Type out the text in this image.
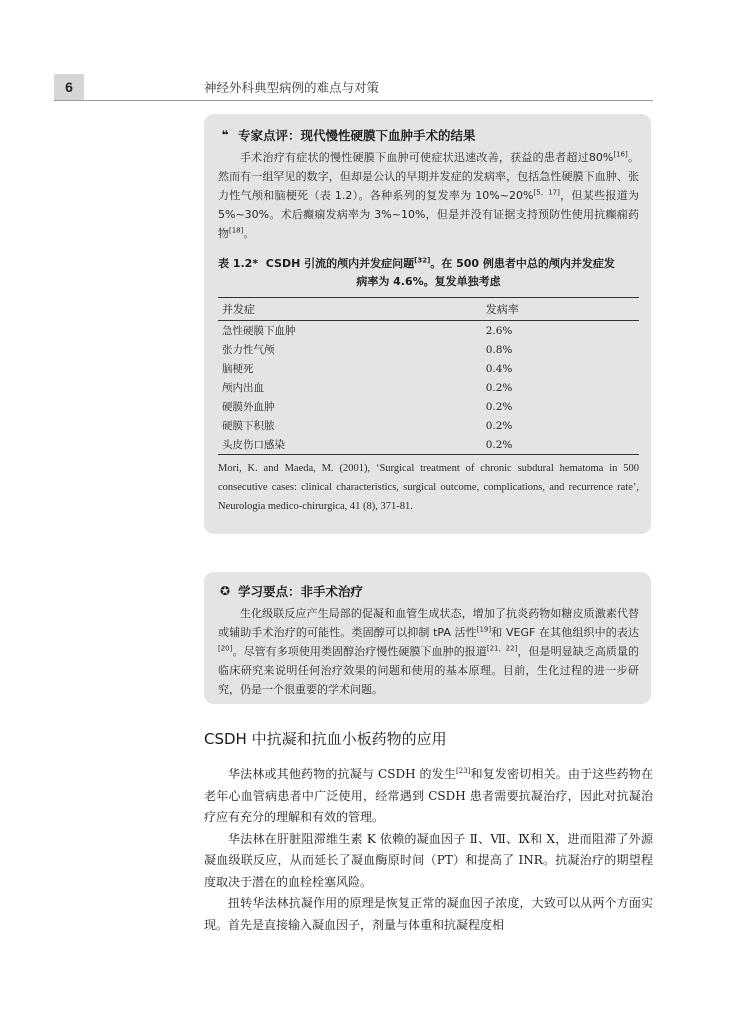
6	神经外科典型病例的难点与对策
❝ 专家点评：现代慢性硬膜下血肿手术的结果

手术治疗有症状的慢性硬膜下血肿可使症状迅速改善，获益的患者超过80%[16]。然而有一组罕见的数字，但却是公认的早期并发症的发病率，包括急性硬膜下血肿、张力性气颅和脑梗死（表 1.2）。各种系列的复发率为 10%~20%[5，17]，但某些报道为 5%~30%。术后癫痫发病率为 3%~10%，但是并没有证据支持预防性使用抗癫痫药物[18]。

表 1.2* CSDH 引流的颅内并发症问题[32]。在 500 例患者中总的颅内并发症发
病率为 4.6%。复发单独考虑
并发症	发病率
急性硬膜下血肿	2.6%
张力性气颅	0.8%
脑梗死	0.4%
颅内出血	0.2%
硬膜外血肿	0.2%
硬膜下积脓	0.2%
头皮伤口感染	0.2%
Mori, K. and Maeda, M. (2001), ‘Surgical treatment of chronic subdural hematoma in 500 consecutive cases: clinical characteristics, surgical outcome, complications, and recurrence rate’, Neurologia medico-chirurgica, 41 (8), 371-81.
✪ 学习要点：非手术治疗

生化级联反应产生局部的促凝和血管生成状态，增加了抗炎药物如糖皮质激素代替或辅助手术治疗的可能性。类固醇可以抑制 tPA 活性[19]和 VEGF 在其他组织中的表达[20]。尽管有多项使用类固醇治疗慢性硬膜下血肿的报道[21，22]，但是明显缺乏高质量的临床研究来说明任何治疗效果的问题和使用的基本原理。目前，生化过程的进一步研究，仍是一个很重要的学术问题。

CSDH 中抗凝和抗血小板药物的应用

华法林或其他药物的抗凝与 CSDH 的发生[23]和复发密切相关。由于这些药物在老年心血管病患者中广泛使用，经常遇到 CSDH 患者需要抗凝治疗，因此对抗凝治疗应有充分的理解和有效的管理。

华法林在肝脏阻滞维生素 K 依赖的凝血因子 Ⅱ、Ⅶ、Ⅸ和 Ⅹ，进而阻滞了外源凝血级联反应，从而延长了凝血酶原时间（PT）和提高了 INR。抗凝治疗的期望程度取决于潜在的血栓栓塞风险。

扭转华法林抗凝作用的原理是恢复正常的凝血因子浓度，大致可以从两个方面实现。首先是直接输入凝血因子，剂量与体重和抗凝程度相
